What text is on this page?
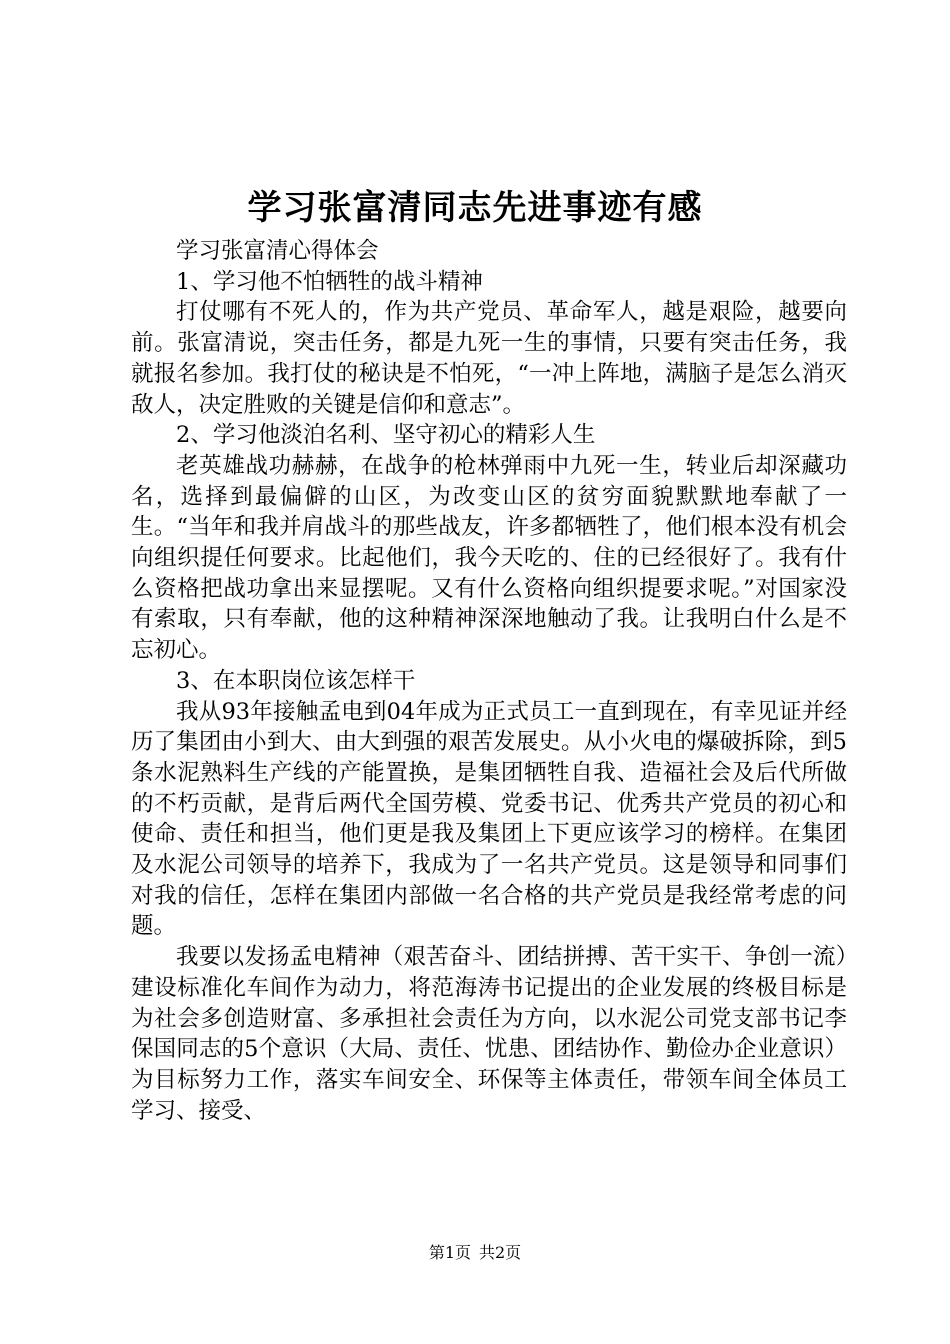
学习张富清同志先进事迹有感

学习张富清心得体会

1、学习他不怕牺牲的战斗精神

打仗哪有不死人的，作为共产党员、革命军人，越是艰险，越要向前。张富清说，突击任务，都是九死一生的事情，只要有突击任务，我就报名参加。我打仗的秘诀是不怕死，“一冲上阵地，满脑子是怎么消灭敌人，决定胜败的关键是信仰和意志”。

2、学习他淡泊名利、坚守初心的精彩人生

老英雄战功赫赫，在战争的枪林弹雨中九死一生，转业后却深藏功名，选择到最偏僻的山区，为改变山区的贫穷面貌默默地奉献了一生。“当年和我并肩战斗的那些战友，许多都牺牲了，他们根本没有机会向组织提任何要求。比起他们，我今天吃的、住的已经很好了。我有什么资格把战功拿出来显摆呢。又有什么资格向组织提要求呢。”对国家没有索取，只有奉献，他的这种精神深深地触动了我。让我明白什么是不忘初心。

3、在本职岗位该怎样干

我从93年接触孟电到04年成为正式员工一直到现在，有幸见证并经历了集团由小到大、由大到强的艰苦发展史。从小火电的爆破拆除，到5条水泥熟料生产线的产能置换，是集团牺牲自我、造福社会及后代所做的不朽贡献，是背后两代全国劳模、党委书记、优秀共产党员的初心和使命、责任和担当，他们更是我及集团上下更应该学习的榜样。在集团及水泥公司领导的培养下，我成为了一名共产党员。这是领导和同事们对我的信任，怎样在集团内部做一名合格的共产党员是我经常考虑的问题。

我要以发扬孟电精神（艰苦奋斗、团结拼搏、苦干实干、争创一流）建设标准化车间作为动力，将范海涛书记提出的企业发展的终极目标是为社会多创造财富、多承担社会责任为方向，以水泥公司党支部书记李保国同志的5个意识（大局、责任、忧患、团结协作、勤俭办企业意识）为目标努力工作，落实车间安全、环保等主体责任，带领车间全体员工学习、接受、

第1页 共2页
